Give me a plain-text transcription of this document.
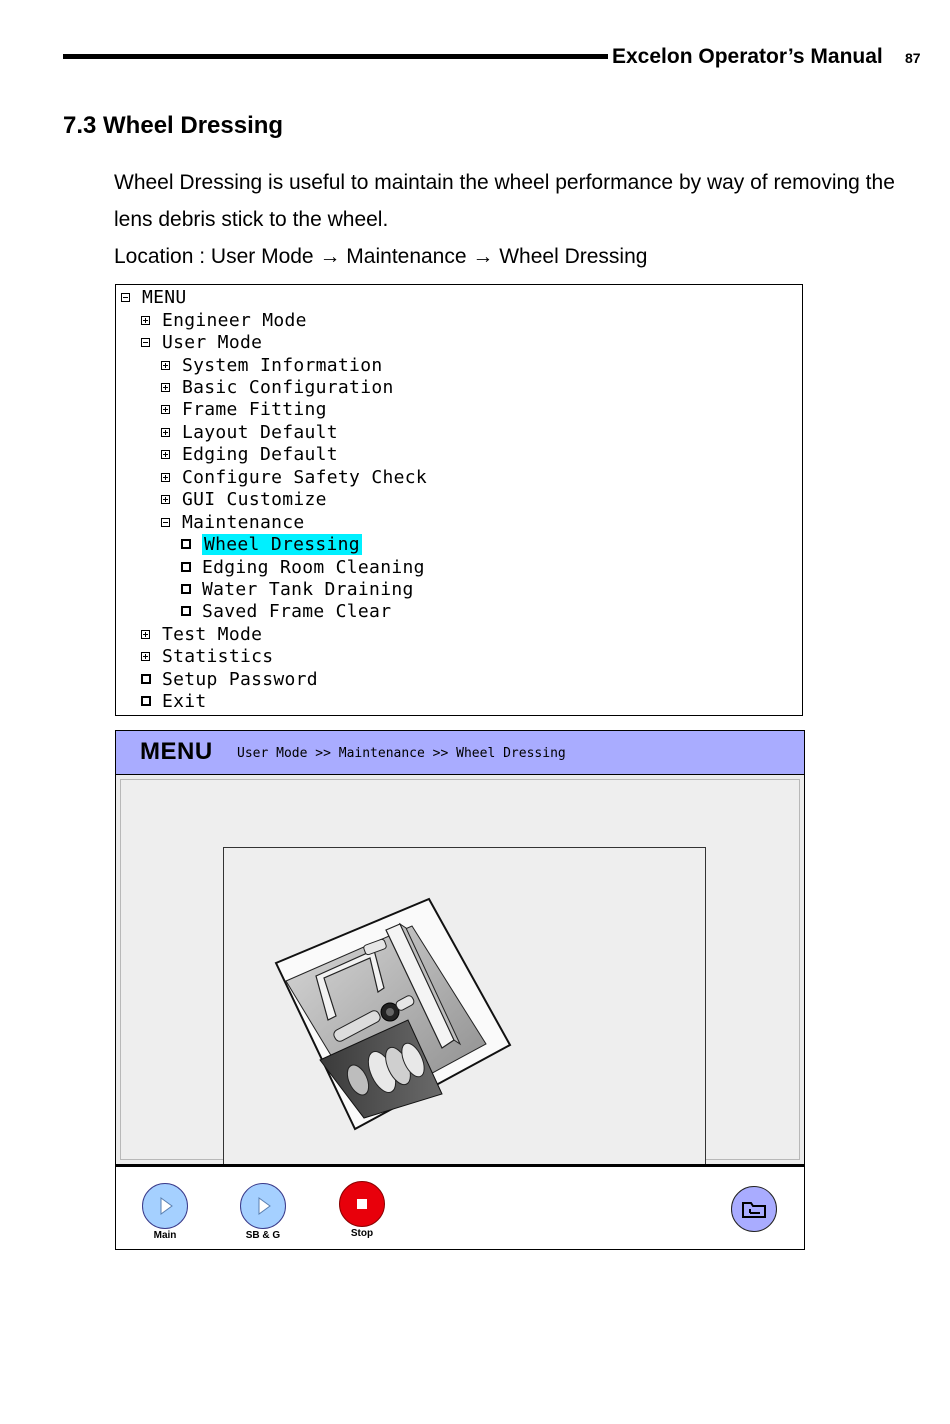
Excelon Operator’s Manual 87
7.3 Wheel Dressing
Wheel Dressing is useful to maintain the wheel performance by way of removing the lens debris stick to the wheel.
Location : User Mode → Maintenance → Wheel Dressing
MENU
Engineer Mode
User Mode
System Information
Basic Configuration
Frame Fitting
Layout Default
Edging Default
Configure Safety Check
GUI Customize
Maintenance
Wheel Dressing
Edging Room Cleaning
Water Tank Draining
Saved Frame Clear
Test Mode
Statistics
Setup Password
Exit
MENU User Mode >> Maintenance >> Wheel Dressing
Main	SB & G	Stop
